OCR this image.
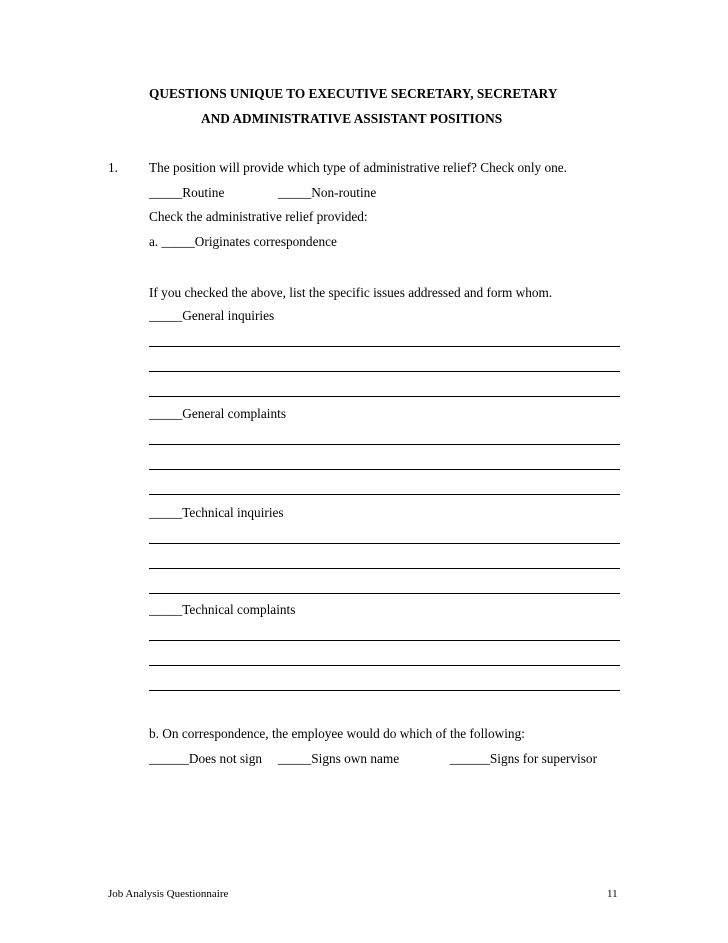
QUESTIONS UNIQUE TO EXECUTIVE SECRETARY, SECRETARY
AND ADMINISTRATIVE ASSISTANT POSITIONS
1. The position will provide which type of administrative relief? Check only one.
_____Routine	_____Non-routine
Check the administrative relief provided:
a. _____Originates correspondence
If you checked the above, list the specific issues addressed and form whom.
_____General inquiries
_____General complaints
_____Technical inquiries
_____Technical complaints
b. On correspondence, the employee would do which of the following:
______Does not sign _____Signs own name	______Signs for supervisor
Job Analysis Questionnaire	11
